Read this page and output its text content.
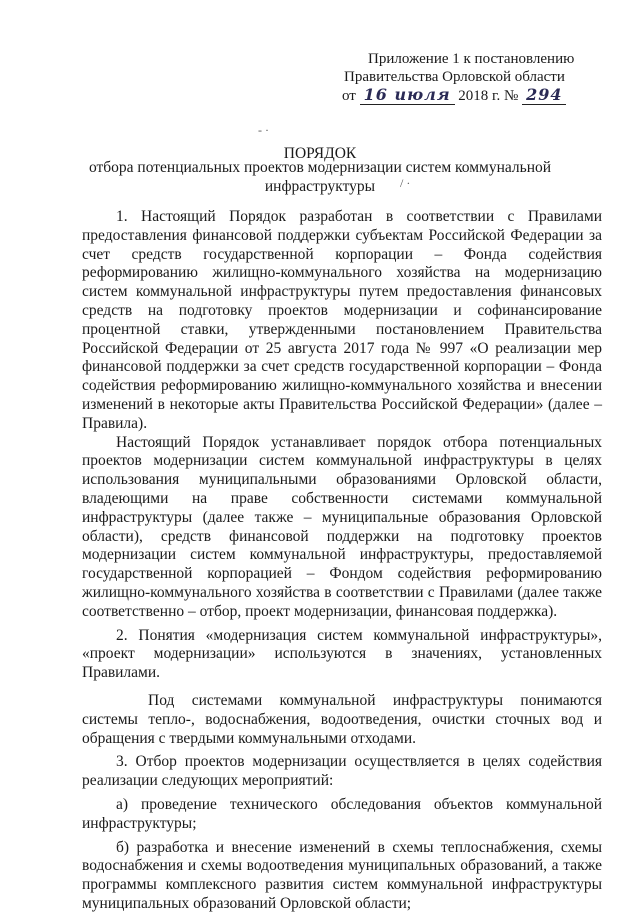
Приложение 1 к постановлению
Правительства Орловской области
от 16 июля 2018 г. № 294
‐ ·
/ ·
ПОРЯДОК
отбора потенциальных проектов модернизации систем коммунальной инфраструктуры

1. Настоящий Порядок разработан в соответствии с Правилами предоставления финансовой поддержки субъектам Российской Федерации за счет средств государственной корпорации – Фонда содействия реформированию жилищно-коммунального хозяйства на модернизацию систем коммунальной инфраструктуры путем предоставления финансовых средств на подготовку проектов модернизации и софинансирование процентной ставки, утвержденными постановлением Правительства Российской Федерации от 25 августа 2017 года № 997 «О реализации мер финансовой поддержки за счет средств государственной корпорации – Фонда содействия реформированию жилищно-коммунального хозяйства и внесении изменений в некоторые акты Правительства Российской Федерации» (далее – Правила).

Настоящий Порядок устанавливает порядок отбора потенциальных проектов модернизации систем коммунальной инфраструктуры в целях использования муниципальными образованиями Орловской области, владеющими на праве собственности системами коммунальной инфраструктуры (далее также – муниципальные образования Орловской области), средств финансовой поддержки на подготовку проектов модернизации систем коммунальной инфраструктуры, предоставляемой государственной корпорацией – Фондом содействия реформированию жилищно-коммунального хозяйства в соответствии с Правилами (далее также соответственно – отбор, проект модернизации, финансовая поддержка).

2. Понятия «модернизация систем коммунальной инфраструктуры», «проект модернизации» используются в значениях, установленных Правилами.

Под системами коммунальной инфраструктуры понимаются системы тепло-, водоснабжения, водоотведения, очистки сточных вод и обращения с твердыми коммунальными отходами.

3. Отбор проектов модернизации осуществляется в целях содействия реализации следующих мероприятий:

а) проведение технического обследования объектов коммунальной инфраструктуры;

б) разработка и внесение изменений в схемы теплоснабжения, схемы водоснабжения и схемы водоотведения муниципальных образований, а также программы комплексного развития систем коммунальной инфраструктуры муниципальных образований Орловской области;
